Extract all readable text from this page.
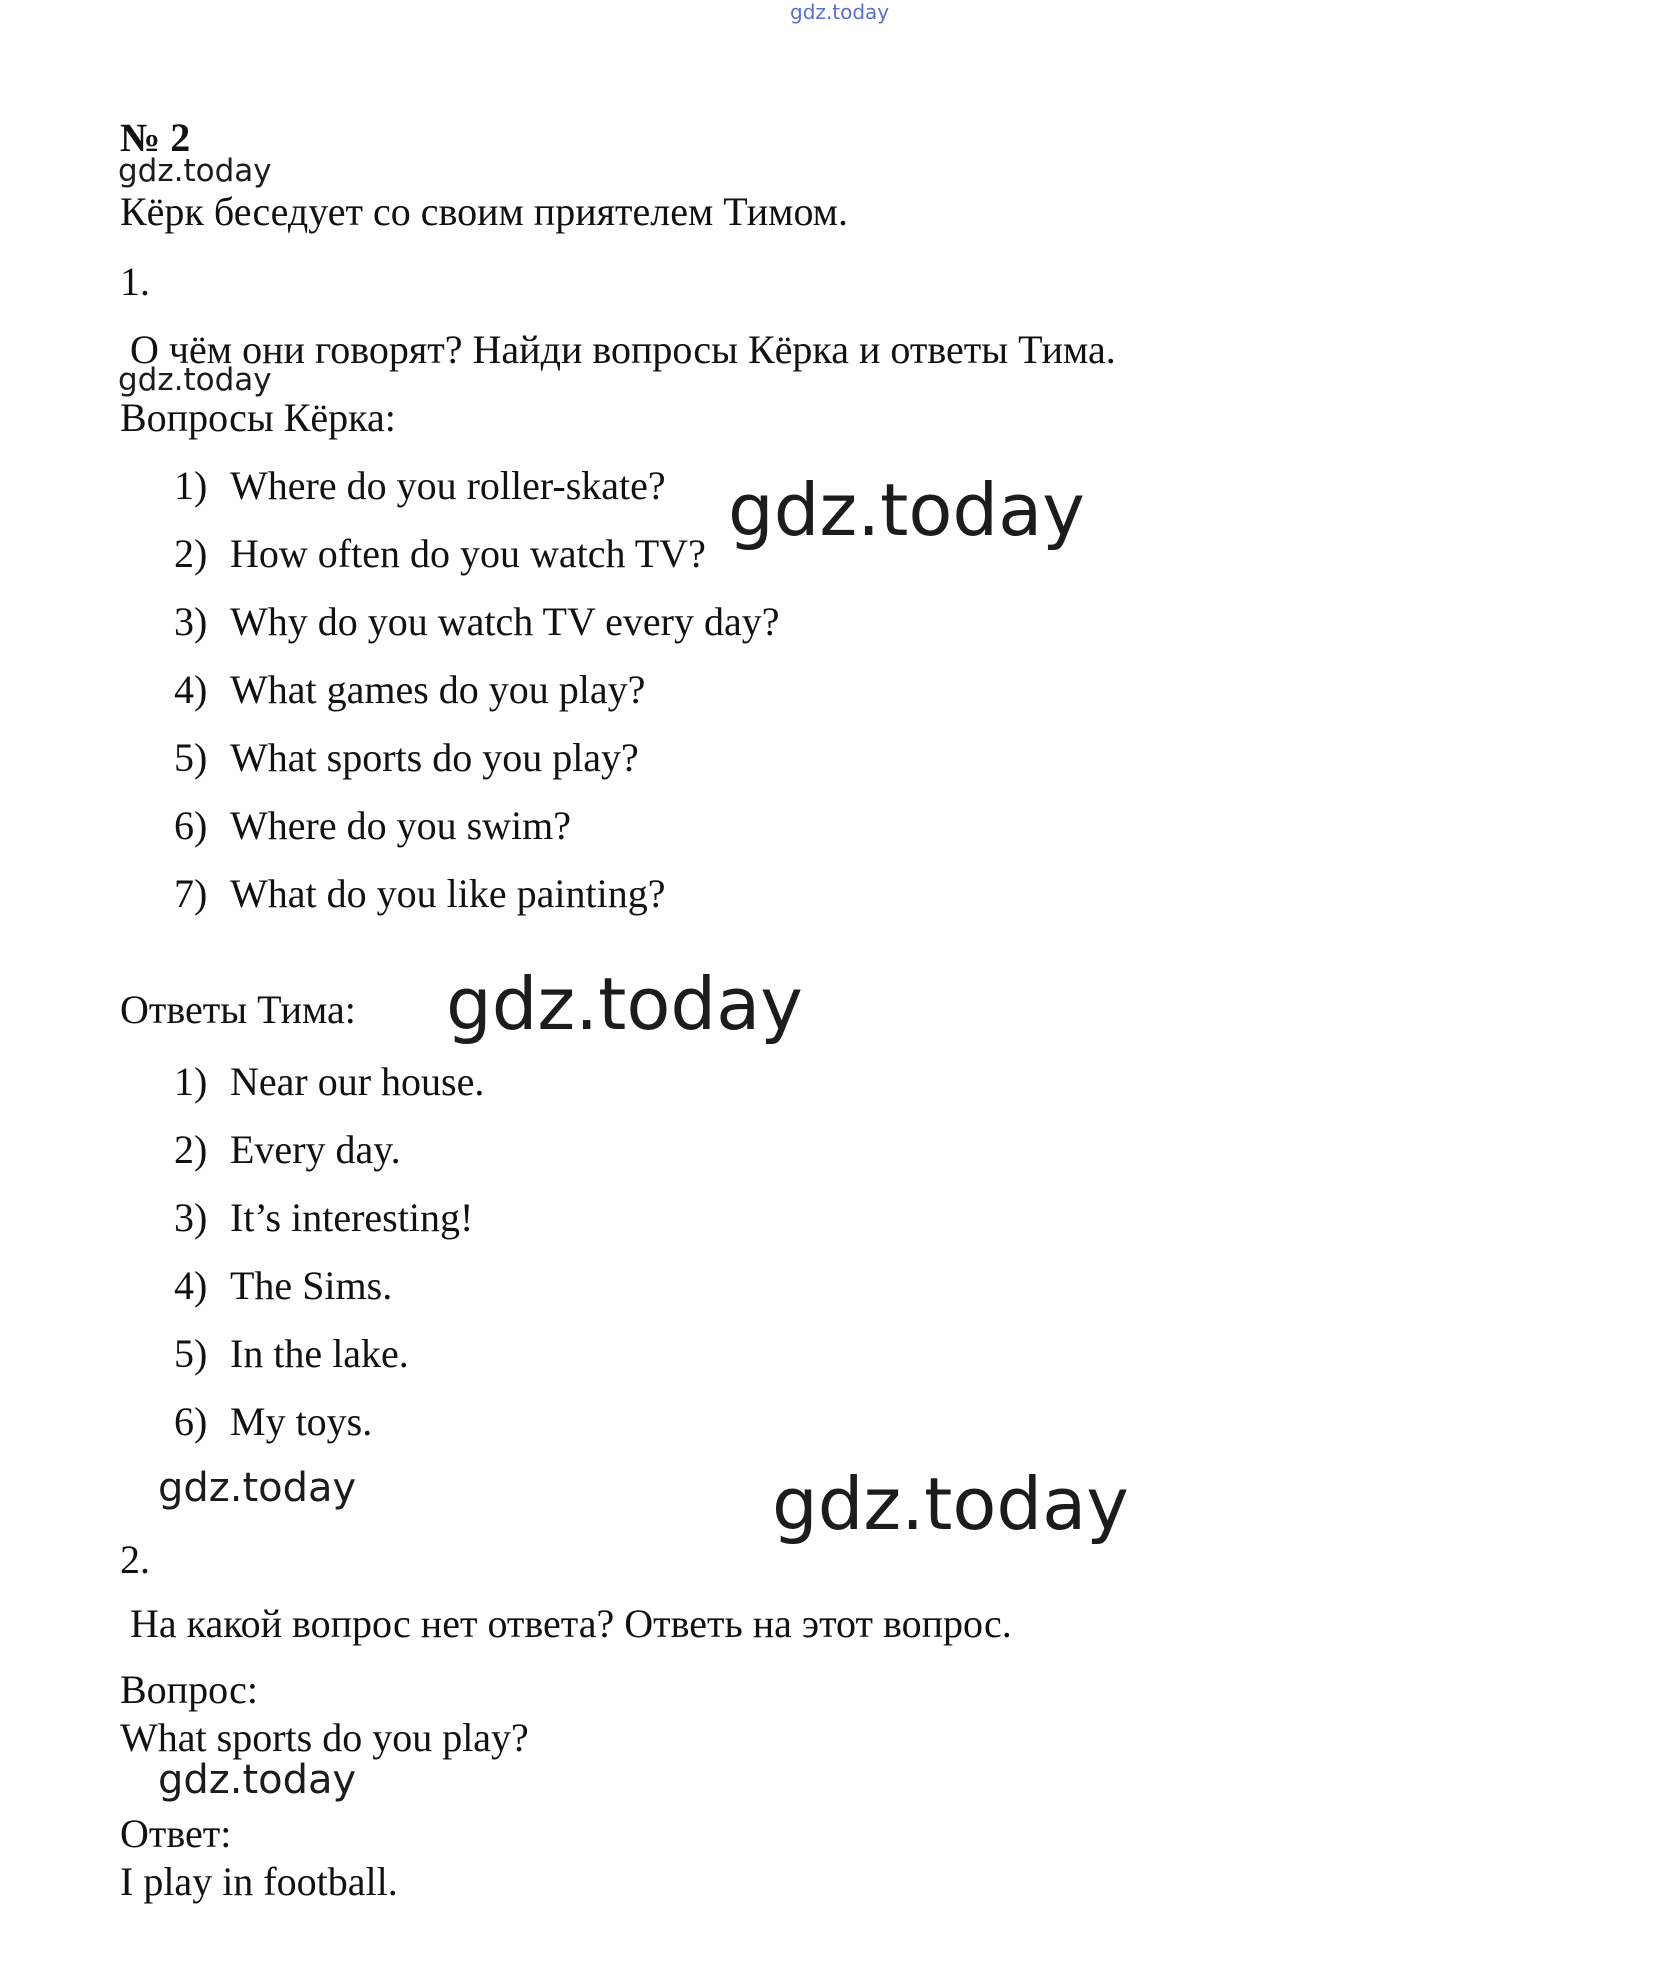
gdz.today
№ 2
gdz.today
Кёрк беседует со своим приятелем Тимом.
1.
О чём они говорят? Найди вопросы Кёрка и ответы Тима.
gdz.today
Вопросы Кёрка:
1) Where do you roller-skate?
2) How often do you watch TV?
3) Why do you watch TV every day?
4) What games do you play?
5) What sports do you play?
6) Where do you swim?
7) What do you like painting?
gdz.today
Ответы Тима: gdz.today
1) Near our house.
2) Every day.
3) It’s interesting!
4) The Sims.
5) In the lake.
6) My toys.
gdz.today	gdz.today
2.
На какой вопрос нет ответа? Ответь на этот вопрос.
Вопрос:
What sports do you play?
gdz.today
Ответ:
I play in football.
